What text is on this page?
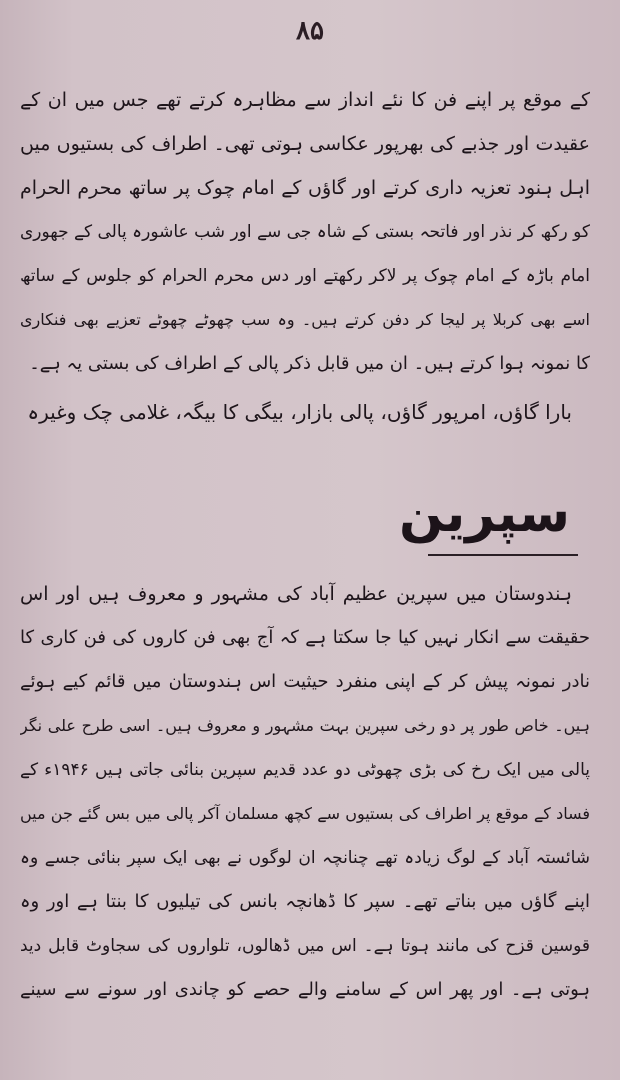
۸۵
کے موقع پر اپنے فن کا نئے انداز سے مظاہرہ کرتے تھے جس میں ان کے
عقیدت اور جذبے کی بھرپور عکاسی ہوتی تھی۔ اطراف کی بستیوں میں
اہل ہنود تعزیہ داری کرتے اور گاؤں کے امام چوک پر ساتھ محرم الحرام
کو رکھ کر نذر اور فاتحہ بستی کے شاہ جی سے اور شب عاشورہ پالی کے جھوری
امام باڑہ کے امام چوک پر لاکر رکھتے اور دس محرم الحرام کو جلوس کے ساتھ
اسے بھی کربلا پر لیجا کر دفن کرتے ہیں۔ وہ سب چھوٹے چھوٹے تعزیے بھی فنکاری
کا نمونہ ہوا کرتے ہیں۔ ان میں قابل ذکر پالی کے اطراف کی بستی یہ ہے۔
بارا گاؤں، امرپور گاؤں، پالی بازار، بیگی کا بیگہ، غلامی چک وغیرہ
سپرین
ہندوستان میں سپرین عظیم آباد کی مشہور و معروف ہیں اور اس
حقیقت سے انکار نہیں کیا جا سکتا ہے کہ آج بھی فن کاروں کی فن کاری کا
نادر نمونہ پیش کر کے اپنی منفرد حیثیت اس ہندوستان میں قائم کیے ہوئے
ہیں۔ خاص طور پر دو رخی سپرین بہت مشہور و معروف ہیں۔ اسی طرح علی نگر
پالی میں ایک رخ کی بڑی چھوٹی دو عدد قدیم سپرین بنائی جاتی ہیں ۱۹۴۶ء کے
فساد کے موقع پر اطراف کی بستیوں سے کچھ مسلمان آکر پالی میں بس گئے جن میں
شائستہ آباد کے لوگ زیادہ تھے چنانچہ ان لوگوں نے بھی ایک سپر بنائی جسے وہ
اپنے گاؤں میں بناتے تھے۔ سپر کا ڈھانچہ بانس کی تیلیوں کا بنتا ہے اور وہ
قوسین قزح کی مانند ہوتا ہے۔ اس میں ڈھالوں، تلواروں کی سجاوٹ قابل دید
ہوتی ہے۔ اور پھر اس کے سامنے والے حصے کو چاندی اور سونے سے سینے
